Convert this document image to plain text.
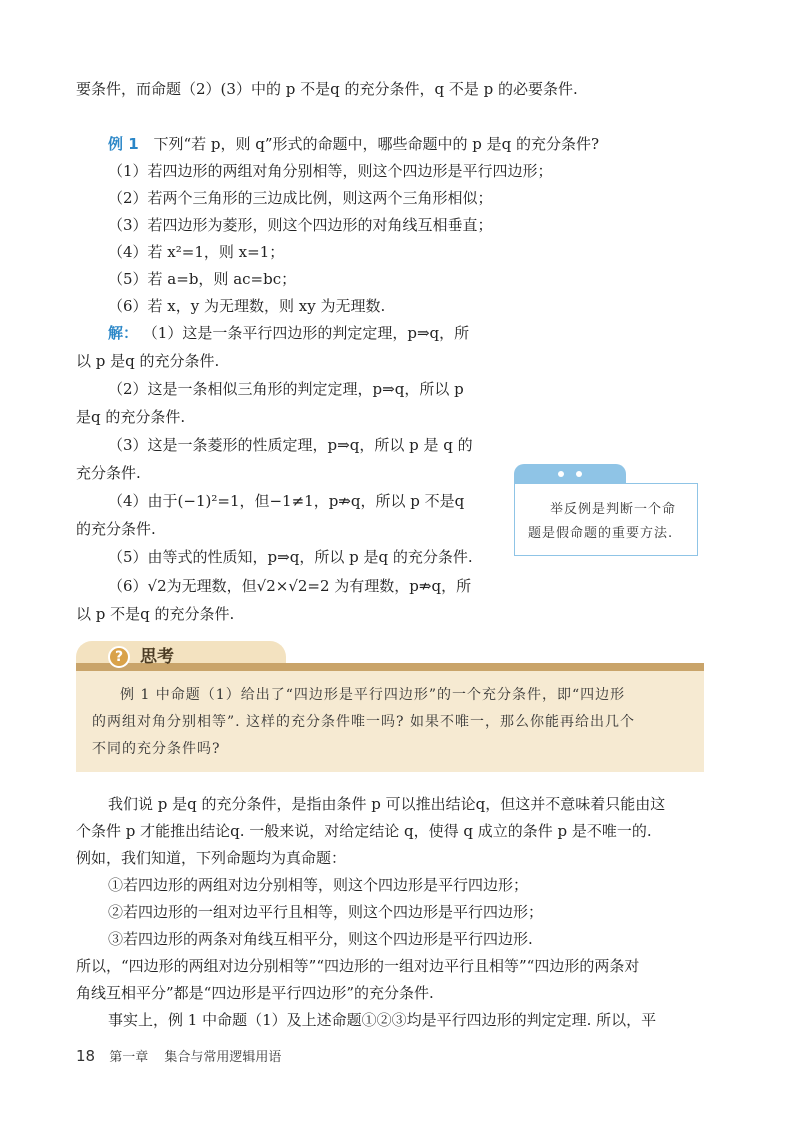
要条件，而命题（2）(3）中的 p 不是q 的充分条件，q 不是 p 的必要条件.
例 1 下列“若 p，则 q”形式的命题中，哪些命题中的 p 是q 的充分条件?
（1）若四边形的两组对角分别相等，则这个四边形是平行四边形；
（2）若两个三角形的三边成比例，则这两个三角形相似；
（3）若四边形为菱形，则这个四边形的对角线互相垂直；
（4）若 x²=1，则 x=1；
（5）若 a=b，则 ac=bc；
（6）若 x，y 为无理数，则 xy 为无理数.
解： （1）这是一条平行四边形的判定定理，p⇒q，所
以 p 是q 的充分条件.
（2）这是一条相似三角形的判定定理，p⇒q，所以 p
是q 的充分条件.
（3）这是一条菱形的性质定理，p⇒q，所以 p 是 q 的
充分条件.
（4）由于(−1)²=1，但−1≠1，p⇏q，所以 p 不是q
的充分条件.
（5）由等式的性质知，p⇒q，所以 p 是q 的充分条件.
（6）√2为无理数，但√2×√2=2 为有理数，p⇏q，所
以 p 不是q 的充分条件.
举反例是判断一个命
题是假命题的重要方法.
? 思考
例 1 中命题（1）给出了“四边形是平行四边形”的一个充分条件，即“四边形
的两组对角分别相等”. 这样的充分条件唯一吗? 如果不唯一，那么你能再给出几个
不同的充分条件吗?
我们说 p 是q 的充分条件，是指由条件 p 可以推出结论q，但这并不意味着只能由这
个条件 p 才能推出结论q. 一般来说，对给定结论 q，使得 q 成立的条件 p 是不唯一的.
例如，我们知道，下列命题均为真命题：
①若四边形的两组对边分别相等，则这个四边形是平行四边形；
②若四边形的一组对边平行且相等，则这个四边形是平行四边形；
③若四边形的两条对角线互相平分，则这个四边形是平行四边形.
所以，“四边形的两组对边分别相等”“四边形的一组对边平行且相等”“四边形的两条对
角线互相平分”都是“四边形是平行四边形”的充分条件.
事实上，例 1 中命题（1）及上述命题①②③均是平行四边形的判定定理. 所以，平
18 第一章 集合与常用逻辑用语
